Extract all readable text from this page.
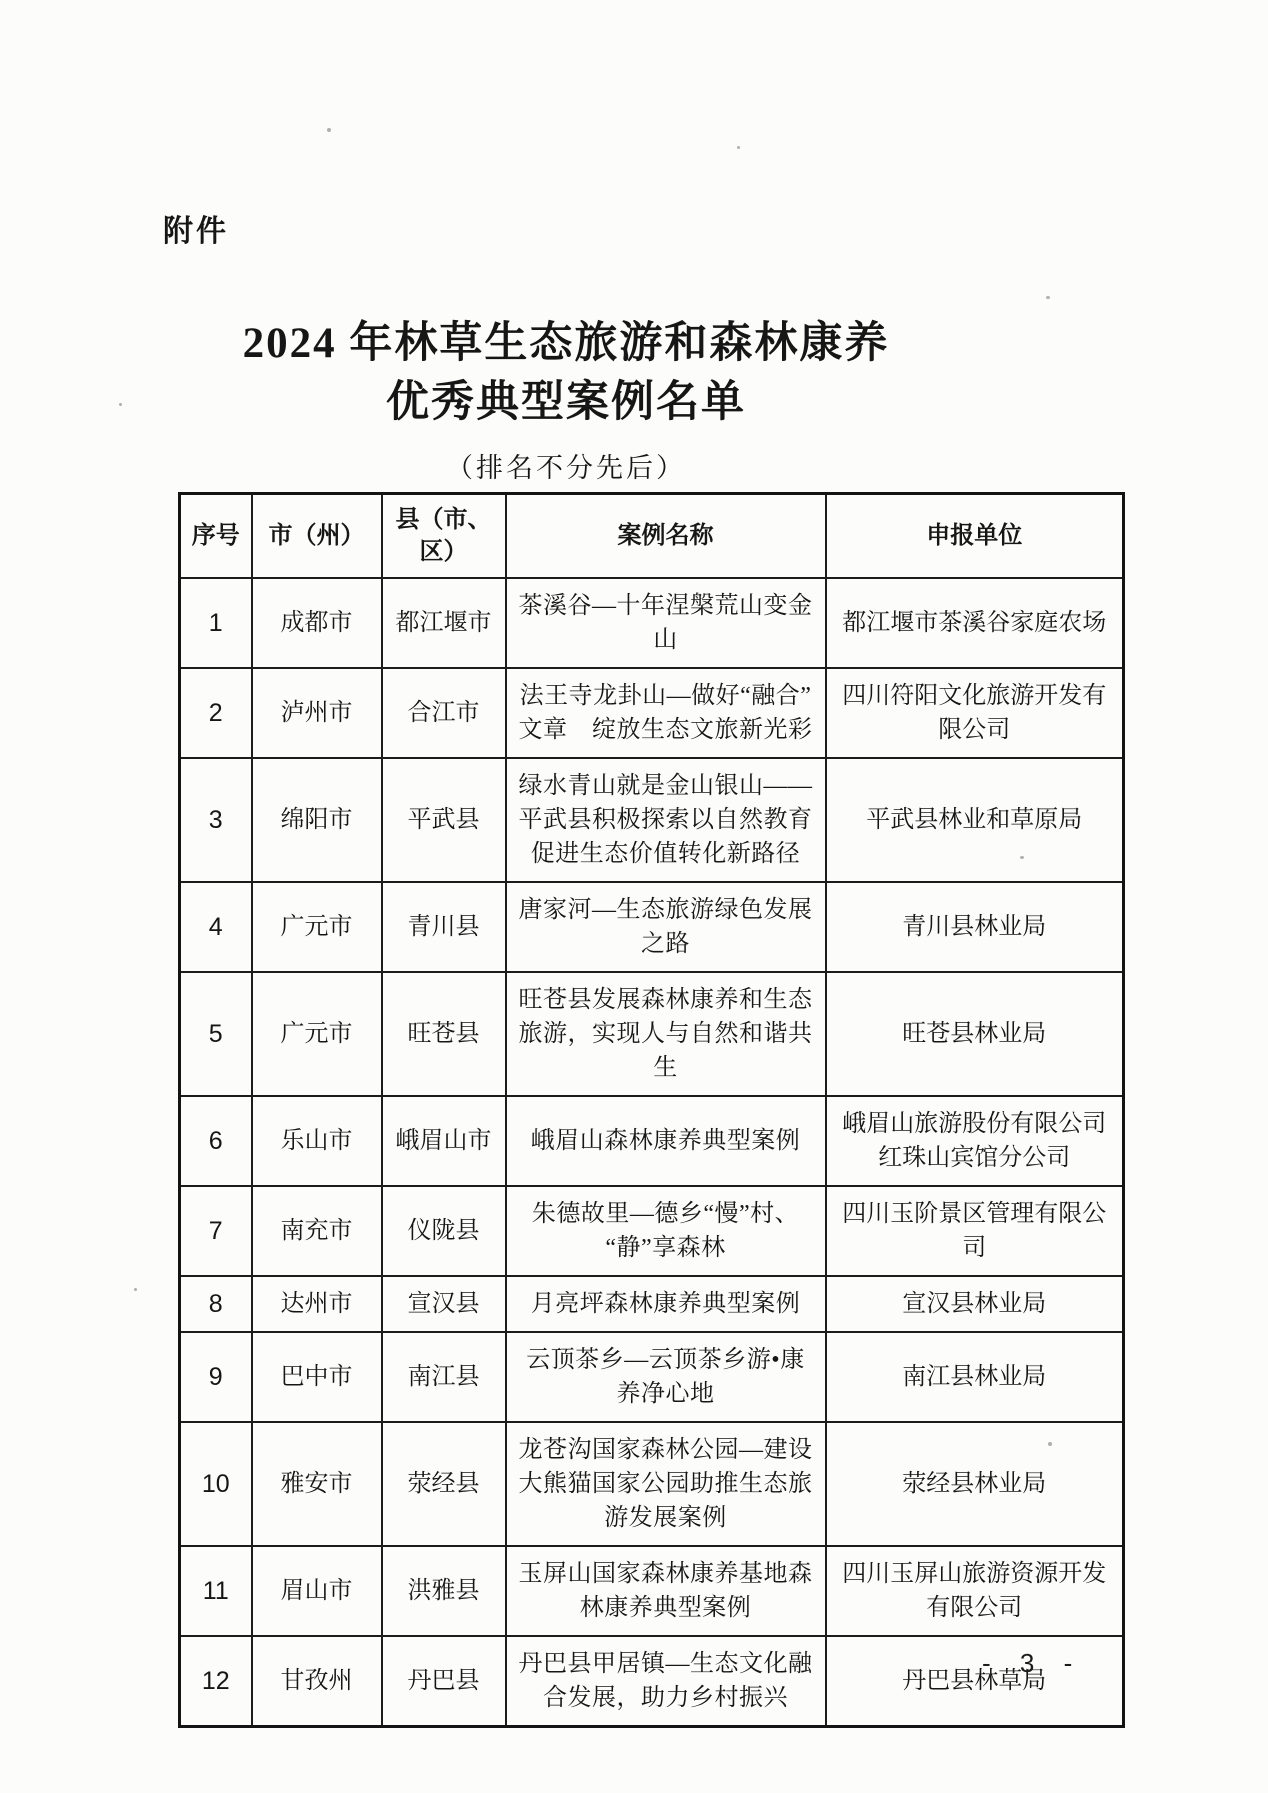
附件
2024 年林草生态旅游和森林康养
优秀典型案例名单
（排名不分先后）
序号	市（州）	县（市、区）	案例名称	申报单位
1	成都市	都江堰市	茶溪谷—十年涅槃荒山变金山	都江堰市茶溪谷家庭农场
2	泸州市	合江市	法王寺龙卦山—做好“融合”文章　绽放生态文旅新光彩	四川符阳文化旅游开发有限公司
3	绵阳市	平武县	绿水青山就是金山银山——平武县积极探索以自然教育促进生态价值转化新路径	平武县林业和草原局
4	广元市	青川县	唐家河—生态旅游绿色发展之路	青川县林业局
5	广元市	旺苍县	旺苍县发展森林康养和生态旅游，实现人与自然和谐共生	旺苍县林业局
6	乐山市	峨眉山市	峨眉山森林康养典型案例	峨眉山旅游股份有限公司红珠山宾馆分公司
7	南充市	仪陇县	朱德故里—德乡“慢”村、“静”享森林	四川玉阶景区管理有限公司
8	达州市	宣汉县	月亮坪森林康养典型案例	宣汉县林业局
9	巴中市	南江县	云顶茶乡—云顶茶乡游•康养净心地	南江县林业局
10	雅安市	荥经县	龙苍沟国家森林公园—建设大熊猫国家公园助推生态旅游发展案例	荥经县林业局
11	眉山市	洪雅县	玉屏山国家森林康养基地森林康养典型案例	四川玉屏山旅游资源开发有限公司
12	甘孜州	丹巴县	丹巴县甲居镇—生态文化融合发展，助力乡村振兴	丹巴县林草局
- 3 -
